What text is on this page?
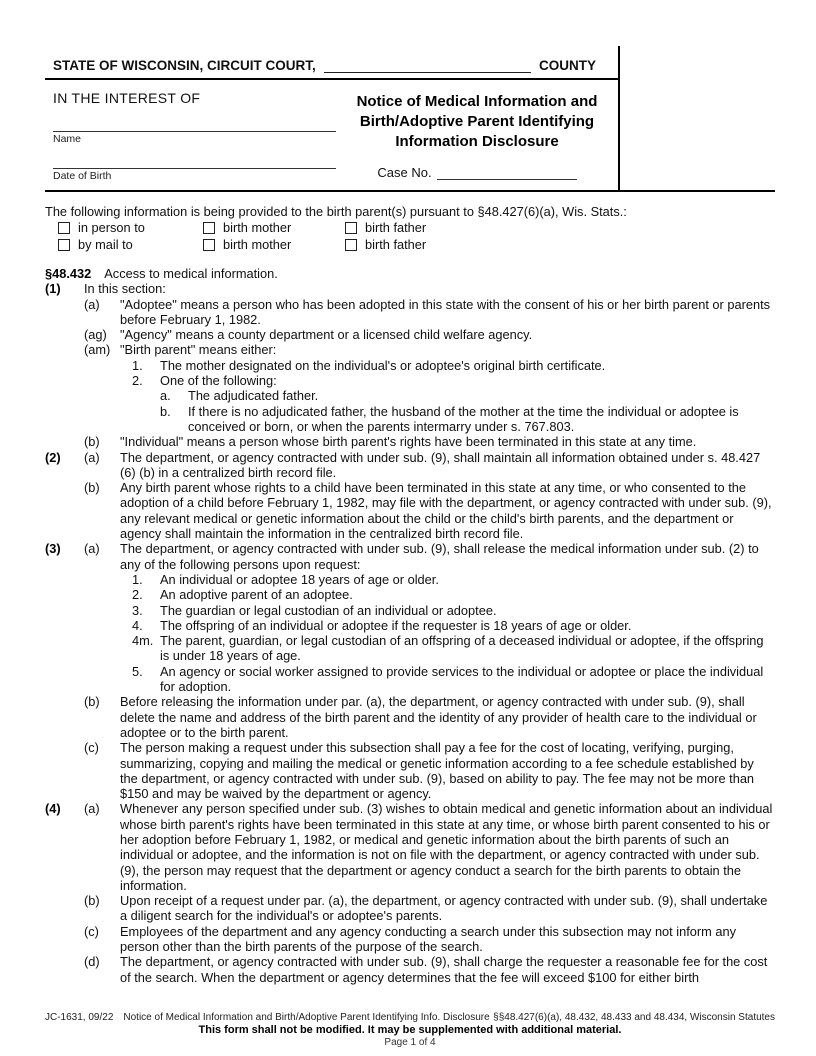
STATE OF WISCONSIN, CIRCUIT COURT,	COUNTY
IN THE INTEREST OF
Name
Date of Birth
Notice of Medical Information and
Birth/Adoptive Parent Identifying
Information Disclosure
Case No.
The following information is being provided to the birth parent(s) pursuant to §48.427(6)(a), Wis. Stats.:
in person to	birth mother	birth father
by mail to	birth mother	birth father
§48.432 Access to medical information.
(1) In this section:
(a) "Adoptee" means a person who has been adopted in this state with the consent of his or her birth parent or parents before February 1, 1982.
(ag) "Agency" means a county department or a licensed child welfare agency.
(am) "Birth parent" means either:
1. The mother designated on the individual's or adoptee's original birth certificate.
2. One of the following:
a. The adjudicated father.
b. If there is no adjudicated father, the husband of the mother at the time the individual or adoptee is conceived or born, or when the parents intermarry under s. 767.803.
(b) "Individual" means a person whose birth parent's rights have been terminated in this state at any time.
(2) (a) The department, or agency contracted with under sub. (9), shall maintain all information obtained under s. 48.427 (6) (b) in a centralized birth record file.
(b) Any birth parent whose rights to a child have been terminated in this state at any time, or who consented to the adoption of a child before February 1, 1982, may file with the department, or agency contracted with under sub. (9), any relevant medical or genetic information about the child or the child's birth parents, and the department or agency shall maintain the information in the centralized birth record file.
(3) (a) The department, or agency contracted with under sub. (9), shall release the medical information under sub. (2) to any of the following persons upon request:
1. An individual or adoptee 18 years of age or older.
2. An adoptive parent of an adoptee.
3. The guardian or legal custodian of an individual or adoptee.
4. The offspring of an individual or adoptee if the requester is 18 years of age or older.
4m. The parent, guardian, or legal custodian of an offspring of a deceased individual or adoptee, if the offspring is under 18 years of age.
5. An agency or social worker assigned to provide services to the individual or adoptee or place the individual for adoption.
(b) Before releasing the information under par. (a), the department, or agency contracted with under sub. (9), shall delete the name and address of the birth parent and the identity of any provider of health care to the individual or adoptee or to the birth parent.
(c) The person making a request under this subsection shall pay a fee for the cost of locating, verifying, purging, summarizing, copying and mailing the medical or genetic information according to a fee schedule established by the department, or agency contracted with under sub. (9), based on ability to pay. The fee may not be more than $150 and may be waived by the department or agency.
(4) (a) Whenever any person specified under sub. (3) wishes to obtain medical and genetic information about an individual whose birth parent's rights have been terminated in this state at any time, or whose birth parent consented to his or her adoption before February 1, 1982, or medical and genetic information about the birth parents of such an individual or adoptee, and the information is not on file with the department, or agency contracted with under sub. (9), the person may request that the department or agency conduct a search for the birth parents to obtain the information.
(b) Upon receipt of a request under par. (a), the department, or agency contracted with under sub. (9), shall undertake a diligent search for the individual's or adoptee's parents.
(c) Employees of the department and any agency conducting a search under this subsection may not inform any person other than the birth parents of the purpose of the search.
(d) The department, or agency contracted with under sub. (9), shall charge the requester a reasonable fee for the cost of the search. When the department or agency determines that the fee will exceed $100 for either birth
JC-1631, 09/22 Notice of Medical Information and Birth/Adoptive Parent Identifying Info. Disclosure §§48.427(6)(a), 48.432, 48.433 and 48.434, Wisconsin Statutes
This form shall not be modified. It may be supplemented with additional material.
Page 1 of 4
